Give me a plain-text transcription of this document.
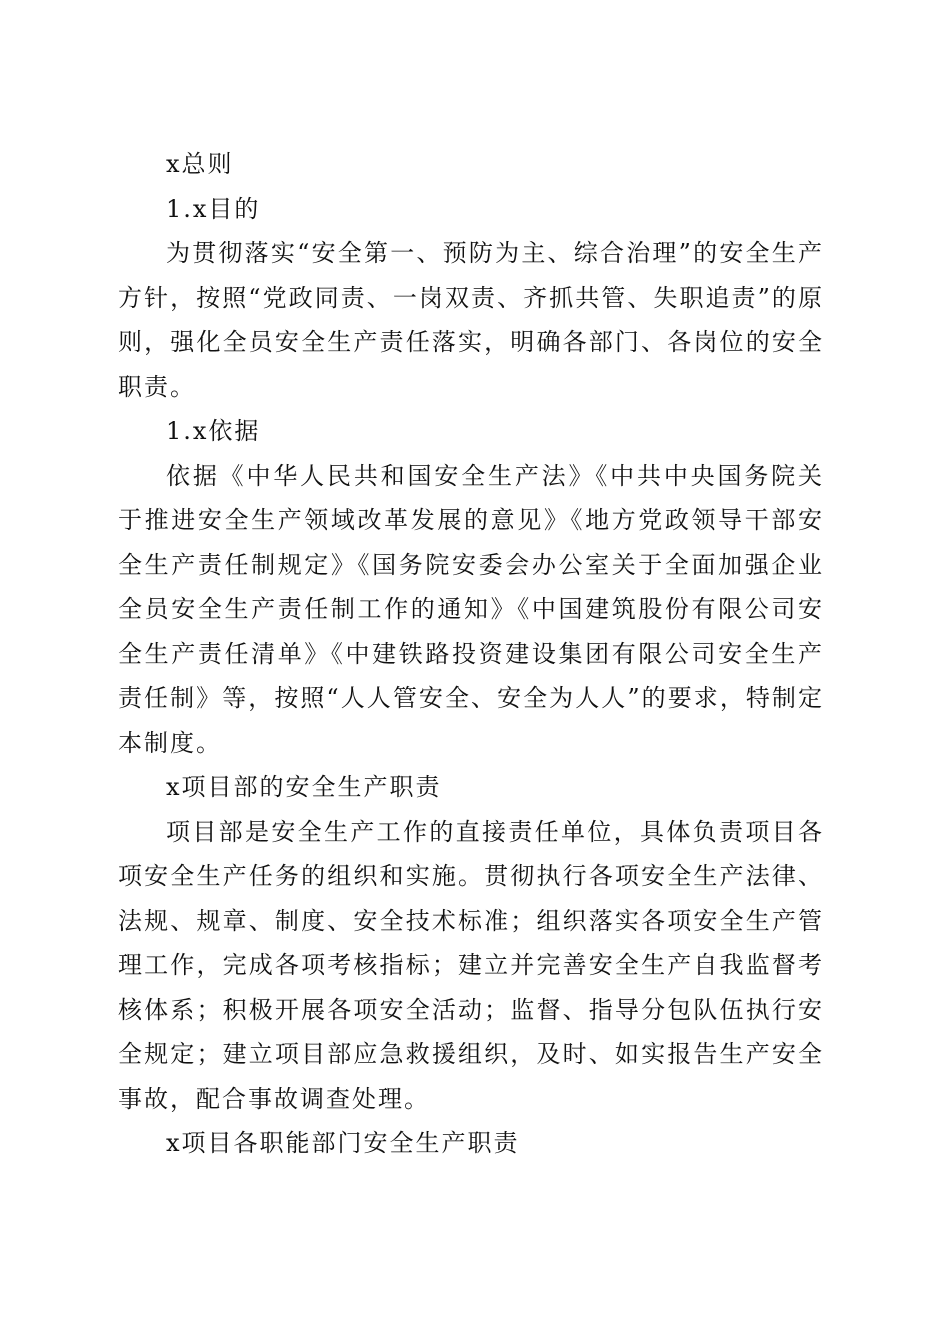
x总则

1.x目的

为贯彻落实“安全第一、预防为主、综合治理”的安全生产方针，按照“党政同责、一岗双责、齐抓共管、失职追责”的原则，强化全员安全生产责任落实，明确各部门、各岗位的安全职责。

1.x依据

依据《中华人民共和国安全生产法》《中共中央国务院关于推进安全生产领域改革发展的意见》《地方党政领导干部安全生产责任制规定》《国务院安委会办公室关于全面加强企业全员安全生产责任制工作的通知》《中国建筑股份有限公司安全生产责任清单》《中建铁路投资建设集团有限公司安全生产责任制》等，按照“人人管安全、安全为人人”的要求，特制定本制度。

x项目部的安全生产职责

项目部是安全生产工作的直接责任单位，具体负责项目各项安全生产任务的组织和实施。贯彻执行各项安全生产法律、法规、规章、制度、安全技术标准；组织落实各项安全生产管理工作，完成各项考核指标；建立并完善安全生产自我监督考核体系；积极开展各项安全活动；监督、指导分包队伍执行安全规定；建立项目部应急救援组织，及时、如实报告生产安全事故，配合事故调查处理。

x项目各职能部门安全生产职责
